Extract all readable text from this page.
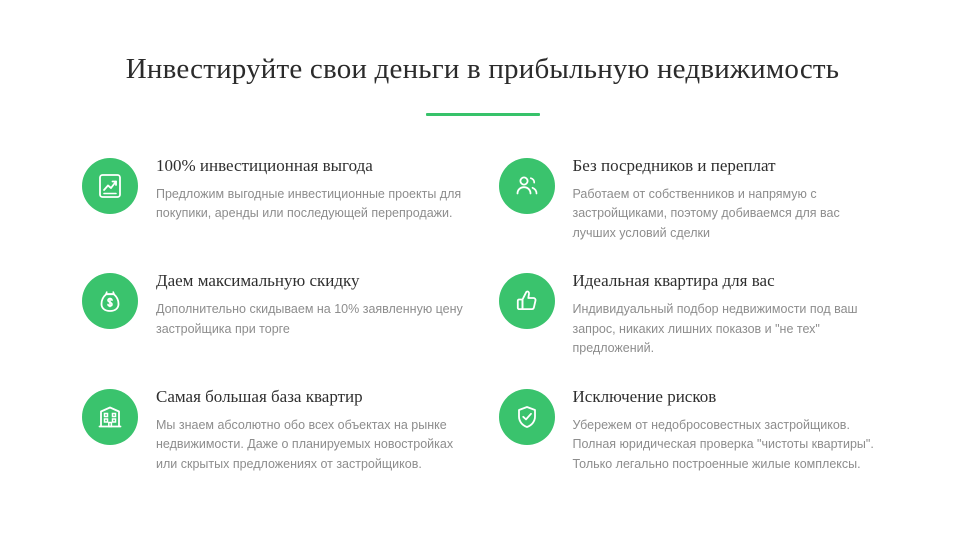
Инвестируйте свои деньги в прибыльную недвижимость
100% инвестиционная выгода

Предложим выгодные инвестиционные проекты для покупики, аренды или последующей перепродажи.

Без посредников и переплат

Работаем от собственников и напрямую с застройщиками, поэтому добиваемся для вас лучших условий сделки

Даем максимальную скидку

Дополнительно скидываем на 10% заявленную цену застройщика при торге

Идеальная квартира для вас

Индивидуальный подбор недвижимости под ваш запрос, никаких лишних показов и "не тех" предложений.

Самая большая база квартир

Мы знаем абсолютно обо всех объектах на рынке недвижимости. Даже о планируемых новостройках или скрытых предложениях от застройщиков.

Исключение рисков

Убережем от недобросовестных застройщиков. Полная юридическая проверка "чистоты квартиры". Только легально построенные жилые комплексы.
